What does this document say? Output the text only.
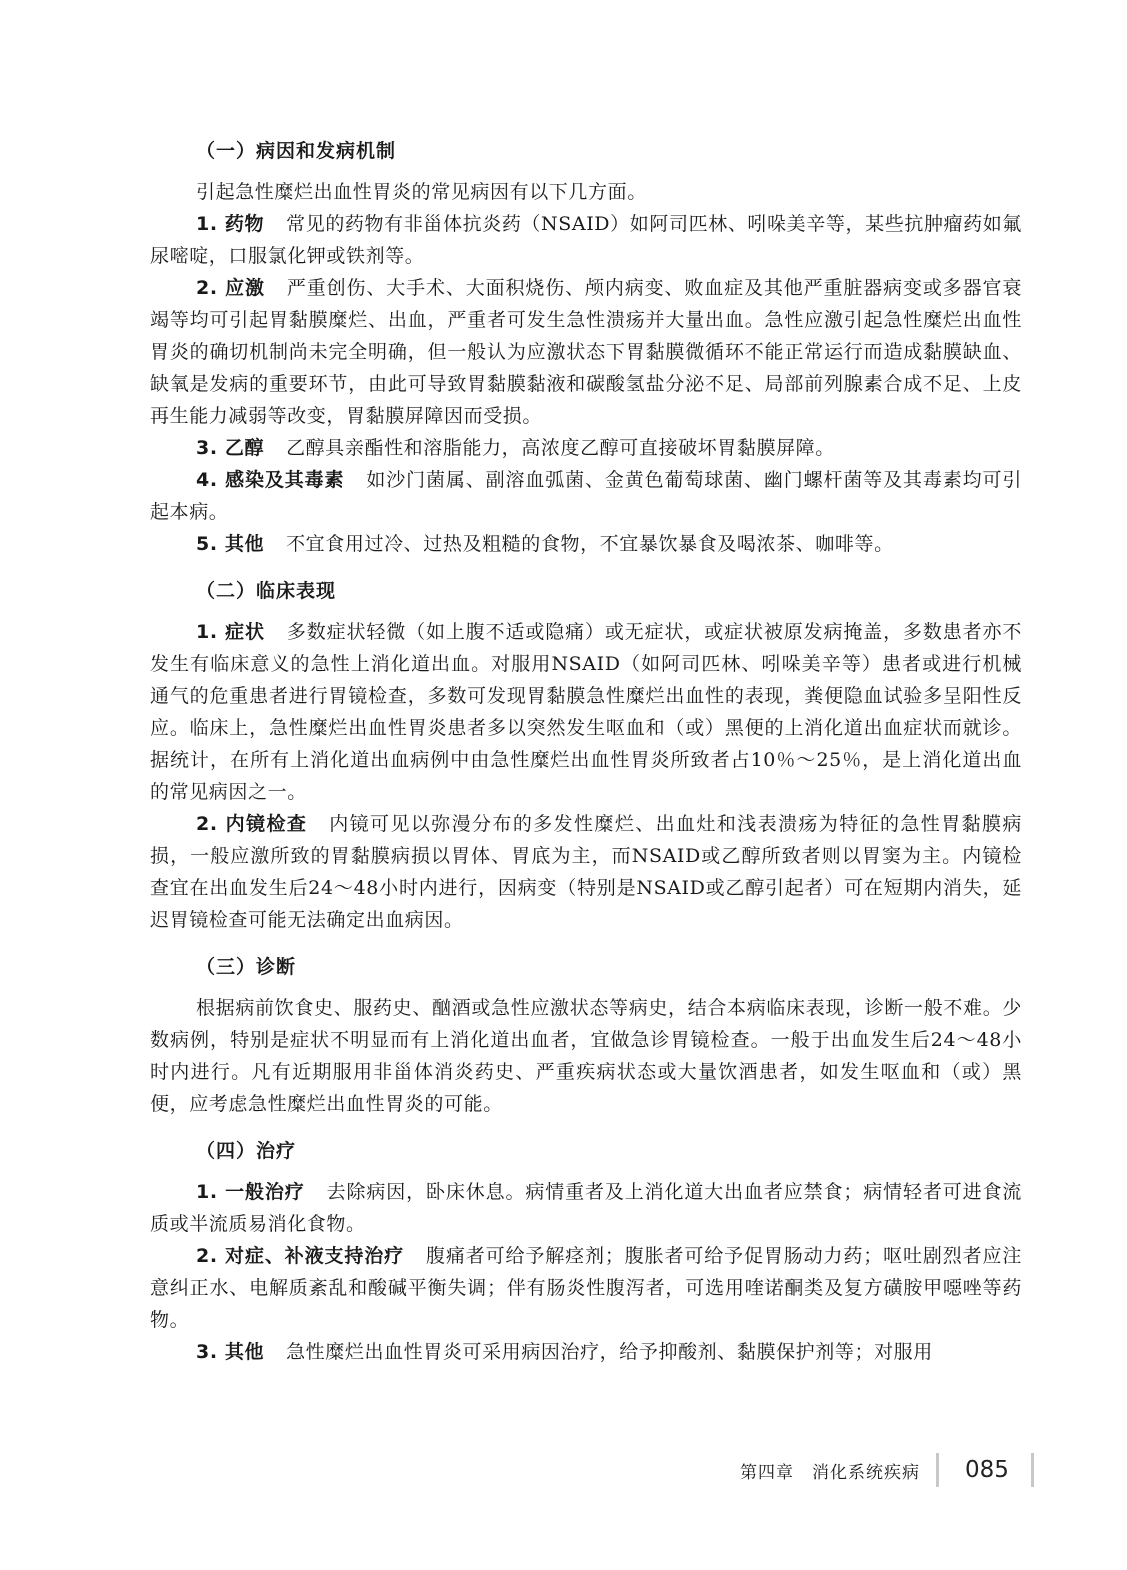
（一）病因和发病机制

引起急性糜烂出血性胃炎的常见病因有以下几方面。

1. 药物 常见的药物有非甾体抗炎药（NSAID）如阿司匹林、吲哚美辛等，某些抗肿瘤药如氟尿嘧啶，口服氯化钾或铁剂等。

2. 应激 严重创伤、大手术、大面积烧伤、颅内病变、败血症及其他严重脏器病变或多器官衰竭等均可引起胃黏膜糜烂、出血，严重者可发生急性溃疡并大量出血。急性应激引起急性糜烂出血性胃炎的确切机制尚未完全明确，但一般认为应激状态下胃黏膜微循环不能正常运行而造成黏膜缺血、缺氧是发病的重要环节，由此可导致胃黏膜黏液和碳酸氢盐分泌不足、局部前列腺素合成不足、上皮再生能力减弱等改变，胃黏膜屏障因而受损。

3. 乙醇 乙醇具亲酯性和溶脂能力，高浓度乙醇可直接破坏胃黏膜屏障。

4. 感染及其毒素 如沙门菌属、副溶血弧菌、金黄色葡萄球菌、幽门螺杆菌等及其毒素均可引起本病。

5. 其他 不宜食用过冷、过热及粗糙的食物，不宜暴饮暴食及喝浓茶、咖啡等。

（二）临床表现

1. 症状 多数症状轻微（如上腹不适或隐痛）或无症状，或症状被原发病掩盖，多数患者亦不发生有临床意义的急性上消化道出血。对服用NSAID（如阿司匹林、吲哚美辛等）患者或进行机械通气的危重患者进行胃镜检查，多数可发现胃黏膜急性糜烂出血性的表现，粪便隐血试验多呈阳性反应。临床上，急性糜烂出血性胃炎患者多以突然发生呕血和（或）黑便的上消化道出血症状而就诊。据统计，在所有上消化道出血病例中由急性糜烂出血性胃炎所致者占10％～25％，是上消化道出血的常见病因之一。

2. 内镜检查 内镜可见以弥漫分布的多发性糜烂、出血灶和浅表溃疡为特征的急性胃黏膜病损，一般应激所致的胃黏膜病损以胃体、胃底为主，而NSAID或乙醇所致者则以胃窦为主。内镜检查宜在出血发生后24～48小时内进行，因病变（特别是NSAID或乙醇引起者）可在短期内消失，延迟胃镜检查可能无法确定出血病因。

（三）诊断

根据病前饮食史、服药史、酗酒或急性应激状态等病史，结合本病临床表现，诊断一般不难。少数病例，特别是症状不明显而有上消化道出血者，宜做急诊胃镜检查。一般于出血发生后24～48小时内进行。凡有近期服用非甾体消炎药史、严重疾病状态或大量饮酒患者，如发生呕血和（或）黑便，应考虑急性糜烂出血性胃炎的可能。

（四）治疗

1. 一般治疗 去除病因，卧床休息。病情重者及上消化道大出血者应禁食；病情轻者可进食流质或半流质易消化食物。

2. 对症、补液支持治疗 腹痛者可给予解痉剂；腹胀者可给予促胃肠动力药；呕吐剧烈者应注意纠正水、电解质紊乱和酸碱平衡失调；伴有肠炎性腹泻者，可选用喹诺酮类及复方磺胺甲噁唑等药物。

3. 其他 急性糜烂出血性胃炎可采用病因治疗，给予抑酸剂、黏膜保护剂等；对服用

第四章　消化系统疾病	085
